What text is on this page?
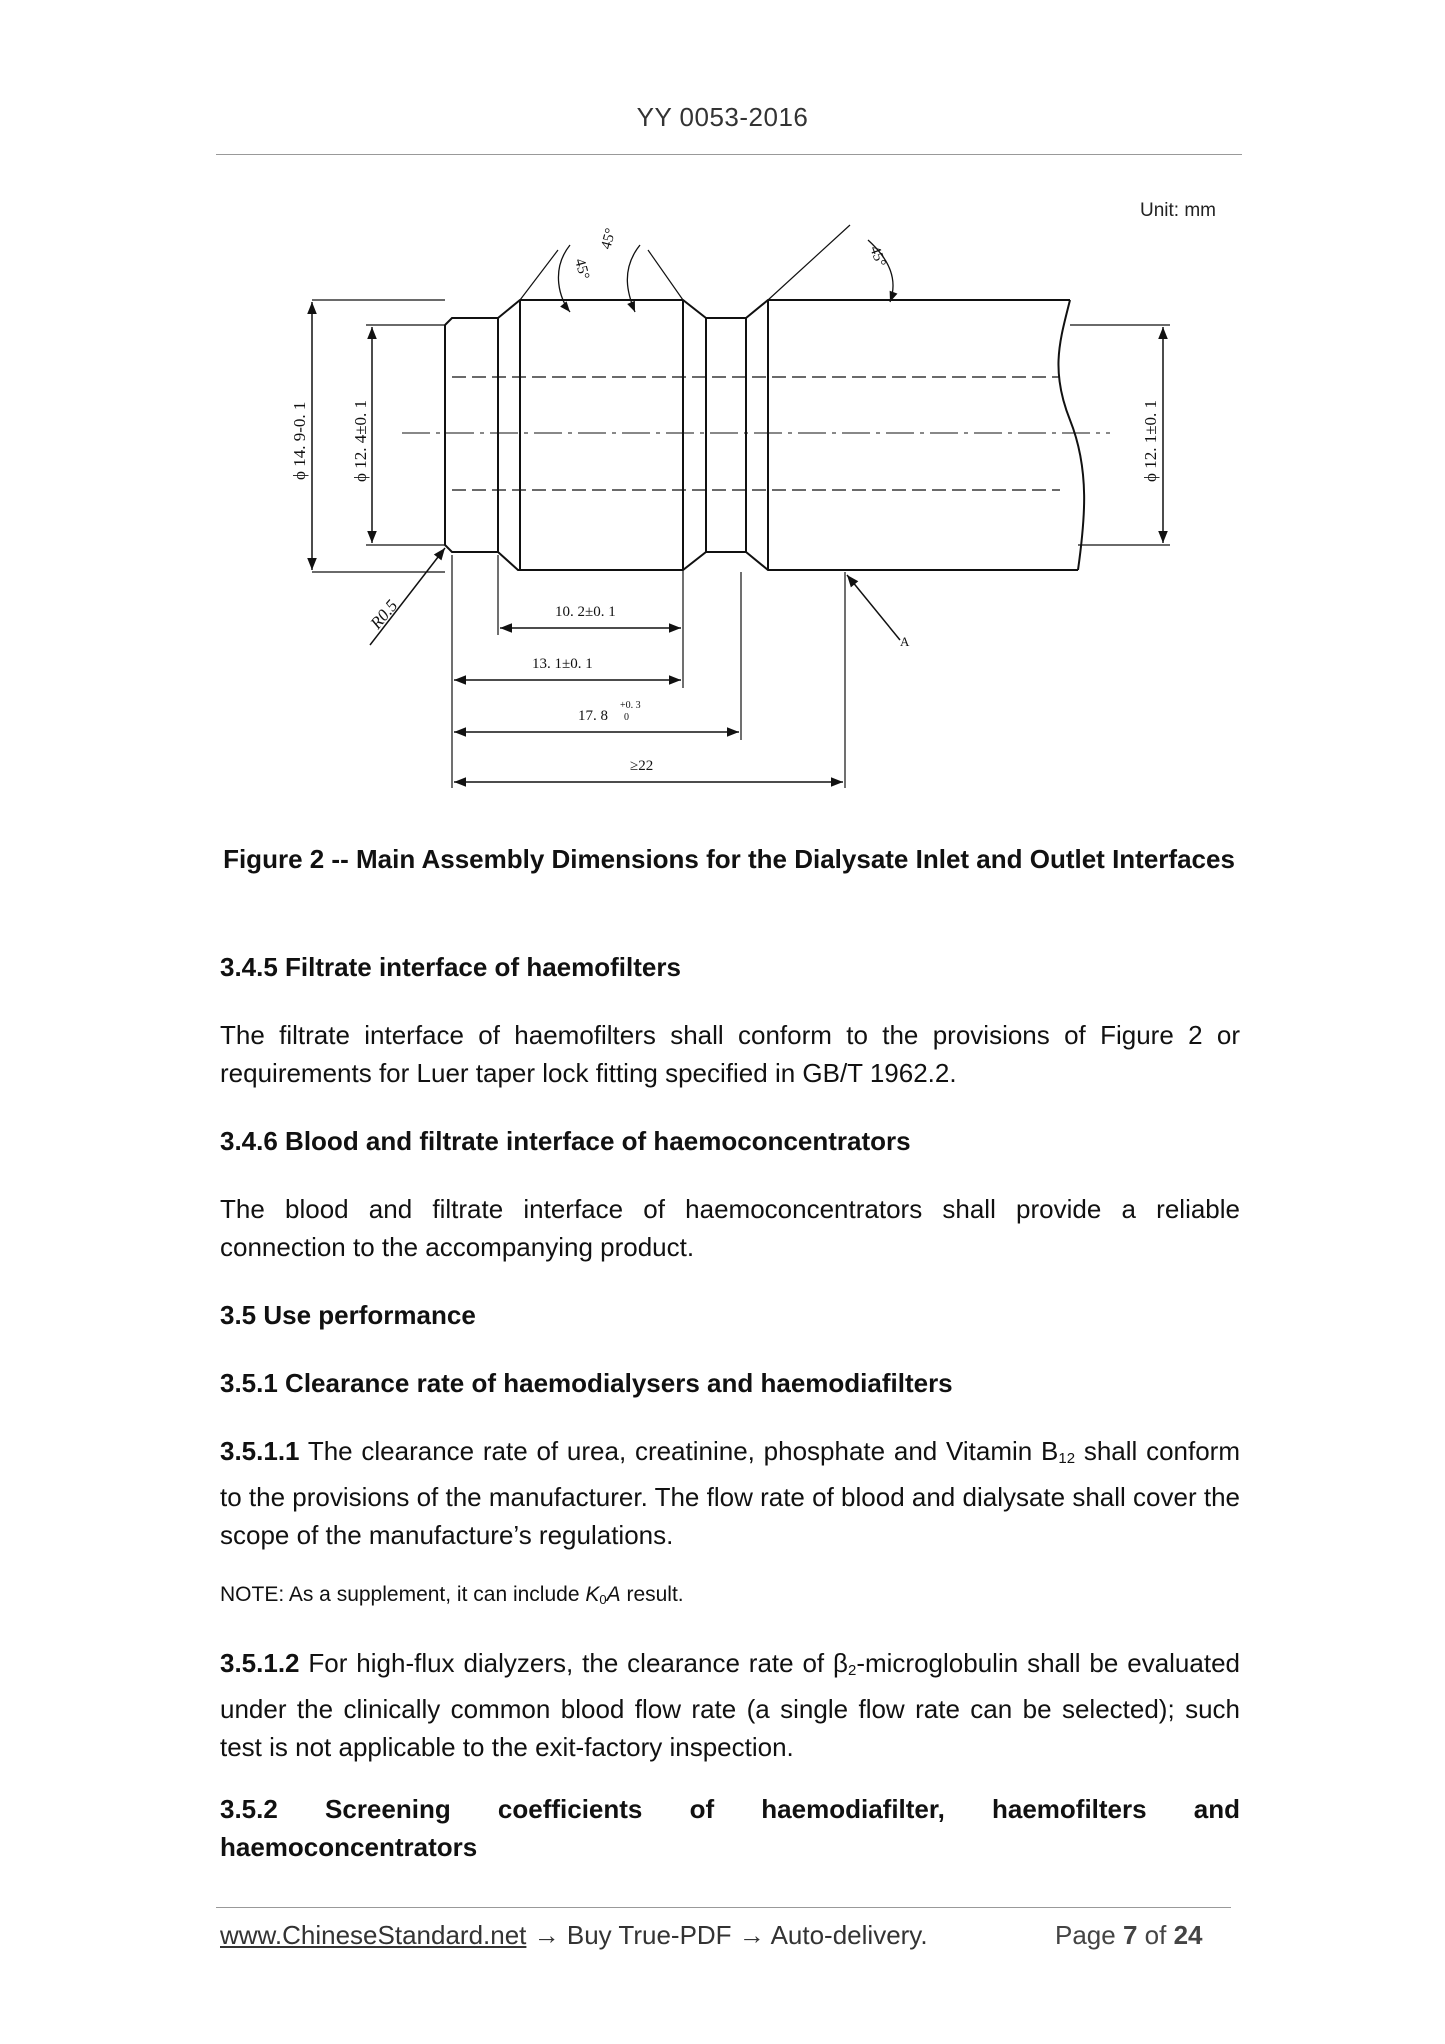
YY 0053-2016
Unit: mm
ϕ 14. 9-0. 1 ϕ 12. 4±0. 1	ϕ 12. 1±0. 1
R0.5
45°
45°
45°
10. 2±0. 1
13. 1±0. 1
17. 8
+0. 3
0
≥22
A
Figure 2 -- Main Assembly Dimensions for the Dialysate Inlet and Outlet Interfaces
3.4.5 Filtrate interface of haemofilters
The filtrate interface of haemofilters shall conform to the provisions of Figure 2 or requirements for Luer taper lock fitting specified in GB/T 1962.2.
3.4.6 Blood and filtrate interface of haemoconcentrators
The blood and filtrate interface of haemoconcentrators shall provide a reliable connection to the accompanying product.
3.5 Use performance
3.5.1 Clearance rate of haemodialysers and haemodiafilters
3.5.1.1 The clearance rate of urea, creatinine, phosphate and Vitamin $B_{12}$ shall conform to the provisions of the manufacturer. The flow rate of blood and dialysate shall cover the scope of the manufacture’s regulations.
NOTE: As a supplement, it can include $K_0A$ result.
3.5.1.2 For high-flux dialyzers, the clearance rate of $\beta_2$-microglobulin shall be evaluated under the clinically common blood flow rate (a single flow rate can be selected); such test is not applicable to the exit-factory inspection.
3.5.2 Screening coefficients of haemodiafilter, haemofilters and
haemoconcentrators
www.ChineseStandard.net → Buy True-PDF → Auto-delivery.	Page 7 of 24
